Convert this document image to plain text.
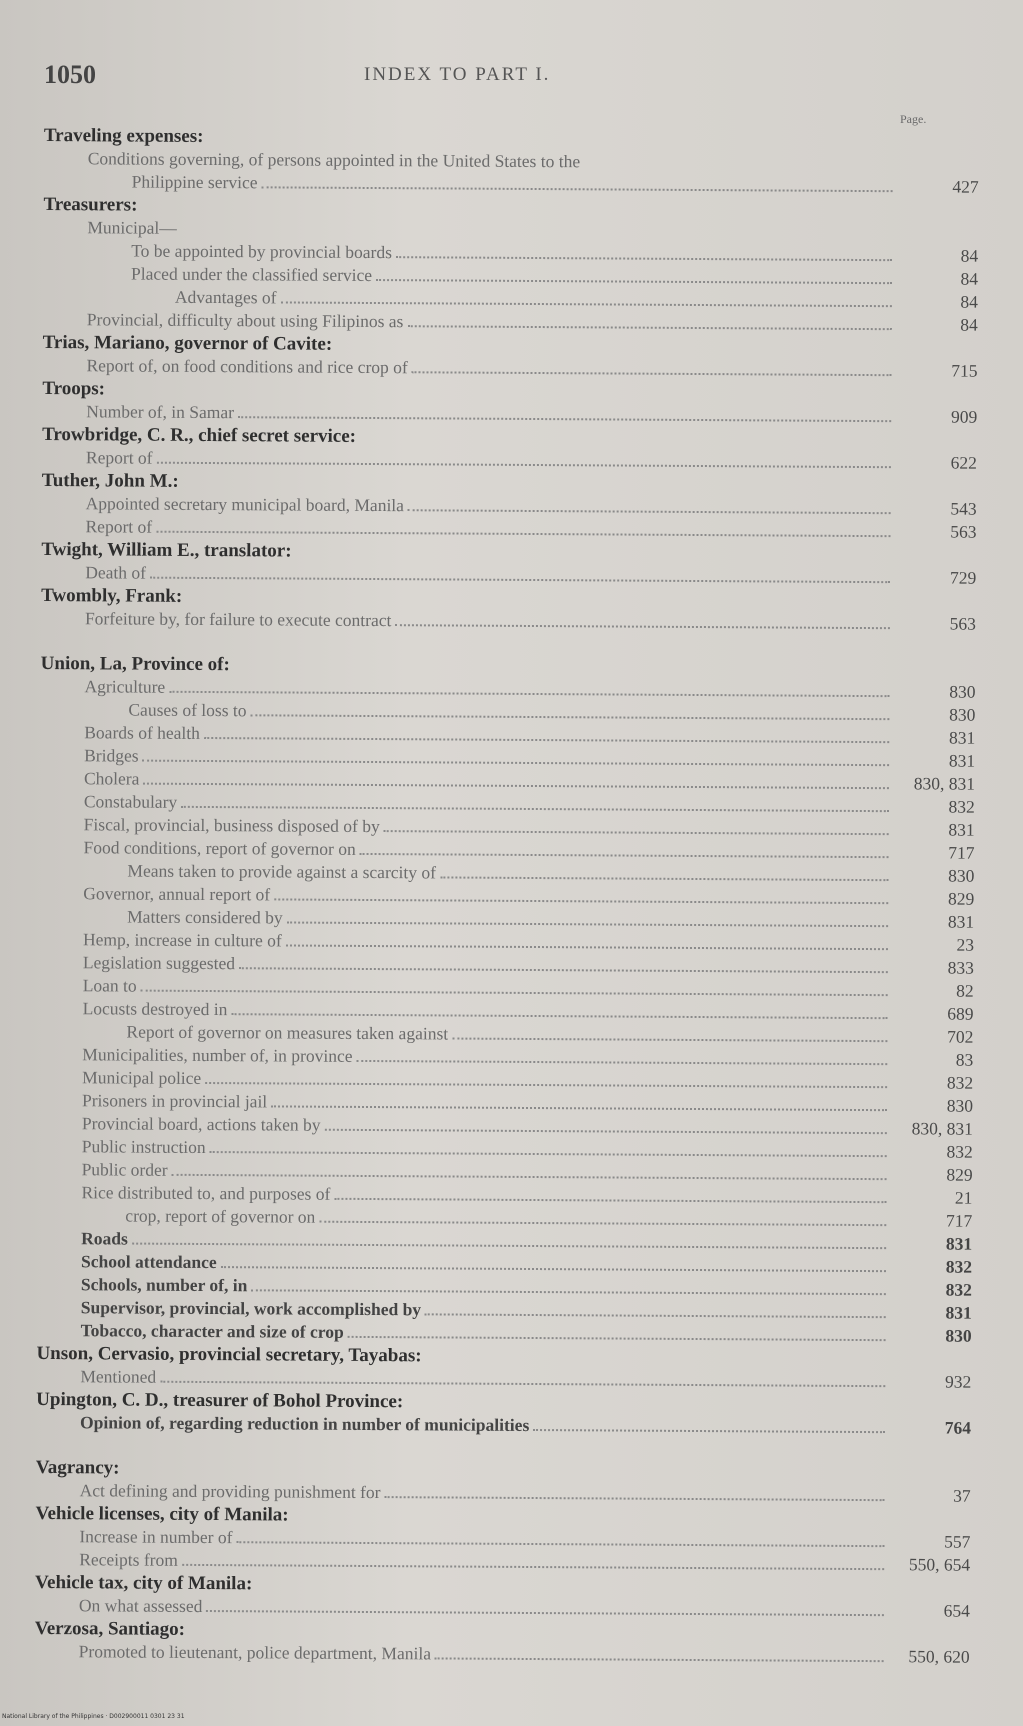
1050	INDEX TO PART I.
Page.
Traveling expenses:
Conditions governing, of persons appointed in the United States to the
Philippine service	427
Treasurers:
Municipal—
To be appointed by provincial boards	84
Placed under the classified service	84
Advantages of	84
Provincial, difficulty about using Filipinos as	84
Trias, Mariano, governor of Cavite:
Report of, on food conditions and rice crop of	715
Troops:
Number of, in Samar	909
Trowbridge, C. R., chief secret service:
Report of	622
Tuther, John M.:
Appointed secretary municipal board, Manila	543
Report of	563
Twight, William E., translator:
Death of	729
Twombly, Frank:
Forfeiture by, for failure to execute contract	563
Union, La, Province of:
Agriculture	830
Causes of loss to	830
Boards of health	831
Bridges	831
Cholera	830, 831
Constabulary	832
Fiscal, provincial, business disposed of by	831
Food conditions, report of governor on	717
Means taken to provide against a scarcity of	830
Governor, annual report of	829
Matters considered by	831
Hemp, increase in culture of	23
Legislation suggested	833
Loan to	82
Locusts destroyed in	689
Report of governor on measures taken against	702
Municipalities, number of, in province	83
Municipal police	832
Prisoners in provincial jail	830
Provincial board, actions taken by	830, 831
Public instruction	832
Public order	829
Rice distributed to, and purposes of	21
crop, report of governor on	717
Roads	831
School attendance	832
Schools, number of, in	832
Supervisor, provincial, work accomplished by	831
Tobacco, character and size of crop	830
Unson, Cervasio, provincial secretary, Tayabas:
Mentioned	932
Upington, C. D., treasurer of Bohol Province:
Opinion of, regarding reduction in number of municipalities	764
Vagrancy:
Act defining and providing punishment for	37
Vehicle licenses, city of Manila:
Increase in number of	557
Receipts from	550, 654
Vehicle tax, city of Manila:
On what assessed	654
Verzosa, Santiago:
Promoted to lieutenant, police department, Manila	550, 620
National Library of the Philippines · D002900011 0301 23 31
